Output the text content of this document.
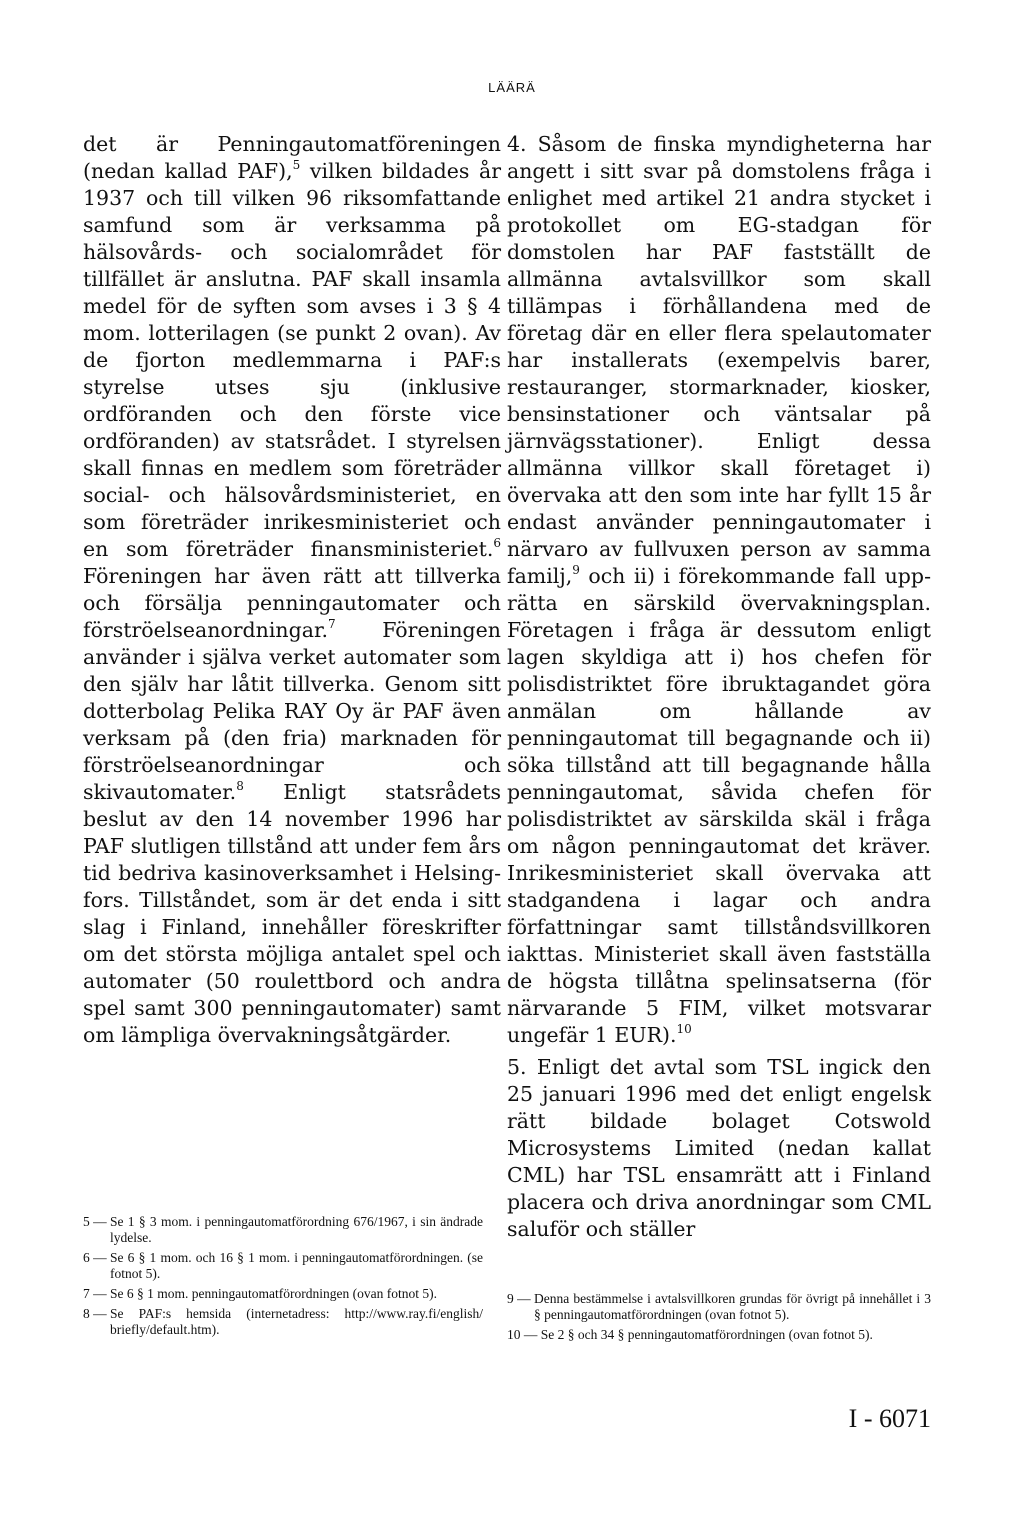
LÄÄRÄ

det är Penningautomatföreningen (nedan kallad PAF),$^5$ vilken bildades år 1937 och till vilken 96 riksomfattande samfund som är verksamma på hälsovårds- och socialområdet för tillfället är anslutna. PAF skall insamla medel för de syften som avses i 3 § 4 mom. lotterilagen (se punkt 2 ovan). Av de fjorton medlemmarna i PAF:s styrelse utses sju (inklusive ordföranden och den förste vice ordföranden) av statsrådet. I styrelsen skall finnas en medlem som företräder social- och hälsovårdsministeriet, en som företräder inrikesministeriet och en som företräder finansministeriet.$^6$ Föreningen har även rätt att tillverka och försälja penningautomater och förströelseanordningar.$^7$ Föreningen använder i själva verket automater som den själv har låtit tillverka. Genom sitt dotterbolag Pelika RAY Oy är PAF även verksam på (den fria) marknaden för förströelseanordningar och skivautomater.$^8$ Enligt statsrådets beslut av den 14 november 1996 har PAF slutligen tillstånd att under fem års tid bedriva kasinoverksamhet i Helsingfors. Tillståndet, som är det enda i sitt slag i Finland, innehåller föreskrifter om det största möjliga antalet spel och automater (50 roulettbord och andra spel samt 300 penningautomater) samt om lämpliga övervakningsåtgärder.

4. Såsom de finska myndigheterna har angett i sitt svar på domstolens fråga i enlighet med artikel 21 andra stycket i protokollet om EG-stadgan för domstolen har PAF fastställt de allmänna avtalsvillkor som skall tillämpas i förhållandena med de företag där en eller flera spelautomater har installerats (exempelvis barer, restauranger, stormarknader, kiosker, bensinstationer och väntsalar på järnvägsstationer). Enligt dessa allmänna villkor skall företaget i) övervaka att den som inte har fyllt 15 år endast använder penningautomater i närvaro av fullvuxen person av samma familj,$^9$ och ii) i förekommande fall upprätta en särskild övervakningsplan. Företagen i fråga är dessutom enligt lagen skyldiga att i) hos chefen för polisdistriktet före ibruktagandet göra anmälan om hållande av penningautomat till begagnande och ii) söka tillstånd att till begagnande hålla penningautomat, såvida chefen för polisdistriktet av särskilda skäl i fråga om någon penningautomat det kräver. Inrikesministeriet skall övervaka att stadgandena i lagar och andra författningar samt tillståndsvillkoren iakttas. Ministeriet skall även fastställa de högsta tillåtna spelinsatserna (för närvarande 5 FIM, vilket motsvarar ungefär 1 EUR).$^{10}$

5. Enligt det avtal som TSL ingick den 25 januari 1996 med det enligt engelsk rätt bildade bolaget Cotswold Microsystems Limited (nedan kallat CML) har TSL ensamrätt att i Finland placera och driva anordningar som CML saluför och ställer

5 — Se 1 § 3 mom. i penningautomatförordning 676/1967, i sin ändrade lydelse.
6 — Se 6 § 1 mom. och 16 § 1 mom. i penningautomatförordningen. (se fotnot 5).
7 — Se 6 § 1 mom. penningautomatförordningen (ovan fotnot 5).
8 — Se PAF:s hemsida (internetadress: http://www.ray.fi/english/ briefly/default.htm).
9 — Denna bestämmelse i avtalsvillkoren grundas för övrigt på innehållet i 3 § penningautomatförordningen (ovan fotnot 5).
10 — Se 2 § och 34 § penningautomatförordningen (ovan fotnot 5).
I - 6071
